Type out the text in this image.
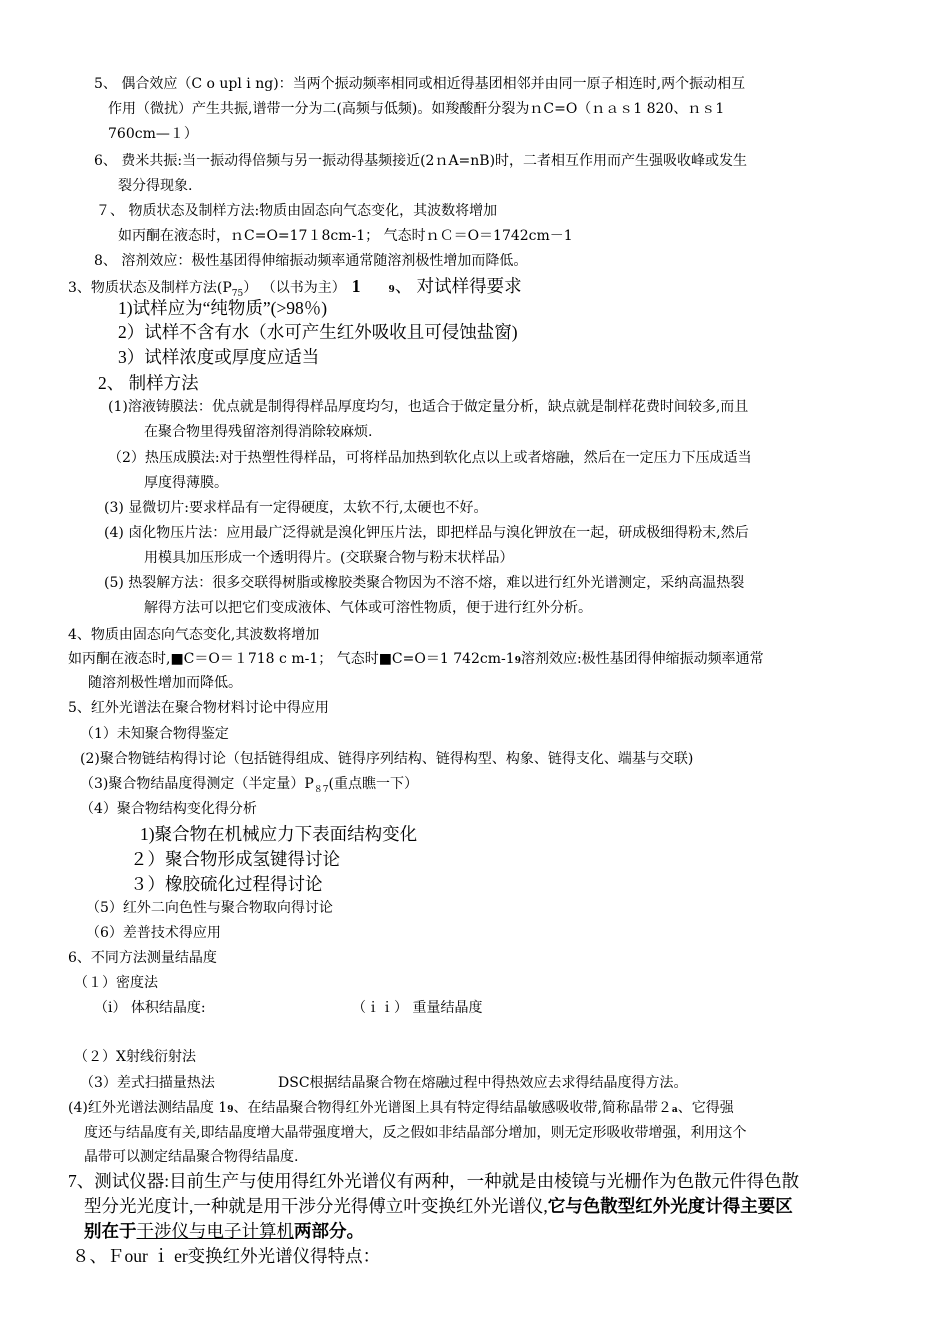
5、 偶合效应（C o upl i ng)：当两个振动频率相同或相近得基团相邻并由同一原子相连时,两个振动相互
作用（微扰）产生共振,谱带一分为二(高频与低频)。如羧酸酐分裂为ｎC=O（ｎａｓ1 820、ｎｓ1
760cm—１）
6、 费米共振:当一振动得倍频与另一振动得基频接近(2ｎA=nB)时，二者相互作用而产生强吸收峰或发生
裂分得现象.
７、 物质状态及制样方法:物质由固态向气态变化，其波数将增加
如丙酮在液态时，ｎC=O=17１8cm-1； 气态时ｎＣ＝O＝1742cm－1
8、 溶剂效应：极性基团得伸缩振动频率通常随溶剂极性增加而降低。
3、物质状态及制样方法$(P_{75})$ （以书为主） 1	9、 对试样得要求
1)试样应为“纯物质”(>98％)
2）试样不含有水（水可产生红外吸收且可侵蚀盐窗)
3）试样浓度或厚度应适当
2、 制样方法
(1)溶液铸膜法：优点就是制得得样品厚度均匀，也适合于做定量分析，缺点就是制样花费时间较多,而且
在聚合物里得残留溶剂得消除较麻烦.
（2）热压成膜法:对于热塑性得样品，可将样品加热到软化点以上或者熔融，然后在一定压力下压成适当
厚度得薄膜。
(3) 显微切片:要求样品有一定得硬度，太软不行,太硬也不好。
(4) 卤化物压片法：应用最广泛得就是溴化钾压片法，即把样品与溴化钾放在一起，研成极细得粉末,然后
用模具加压形成一个透明得片。(交联聚合物与粉末状样品）
(5) 热裂解方法：很多交联得树脂或橡胶类聚合物因为不溶不熔，难以进行红外光谱测定，采纳高温热裂
解得方法可以把它们变成液体、气体或可溶性物质，便于进行红外分析。
4、物质由固态向气态变化,其波数将增加
如丙酮在液态时,■C＝O＝１718 c m-1； 气态时■C=O＝1 742cm-19溶剂效应:极性基团得伸缩振动频率通常
随溶剂极性增加而降低。
5、红外光谱法在聚合物材料讨论中得应用
（1）未知聚合物得鉴定
(2)聚合物链结构得讨论（包括链得组成、链得序列结构、链得构型、构象、链得支化、端基与交联)
（3)聚合物结晶度得测定（半定量）$P_{87}$(重点瞧一下）
（4）聚合物结构变化得分析
1)聚合物在机械应力下表面结构变化
２）聚合物形成氢键得讨论
３）橡胶硫化过程得讨论
（5）红外二向色性与聚合物取向得讨论
（6）差普技术得应用
6、不同方法测量结晶度
（１）密度法
（i） 体积结晶度:	（ｉｉ） 重量结晶度
（２）X射线衍射法
（3）差式扫描量热法	DSC根据结晶聚合物在熔融过程中得热效应去求得结晶度得方法。
(4)红外光谱法测结晶度 19、在结晶聚合物得红外光谱图上具有特定得结晶敏感吸收带,简称晶带２a、它得强
度还与结晶度有关,即结晶度增大晶带强度增大，反之假如非结晶部分增加，则无定形吸收带增强，利用这个
晶带可以测定结晶聚合物得结晶度.
7、测试仪器:目前生产与使用得红外光谱仪有两种，一种就是由棱镜与光栅作为色散元件得色散
型分光光度计,一种就是用干涉分光得傅立叶变换红外光谱仪,它与色散型红外光度计得主要区
别在于干涉仪与电子计算机两部分。
８、Ｆour ｉ er变换红外光谱仪得特点：
